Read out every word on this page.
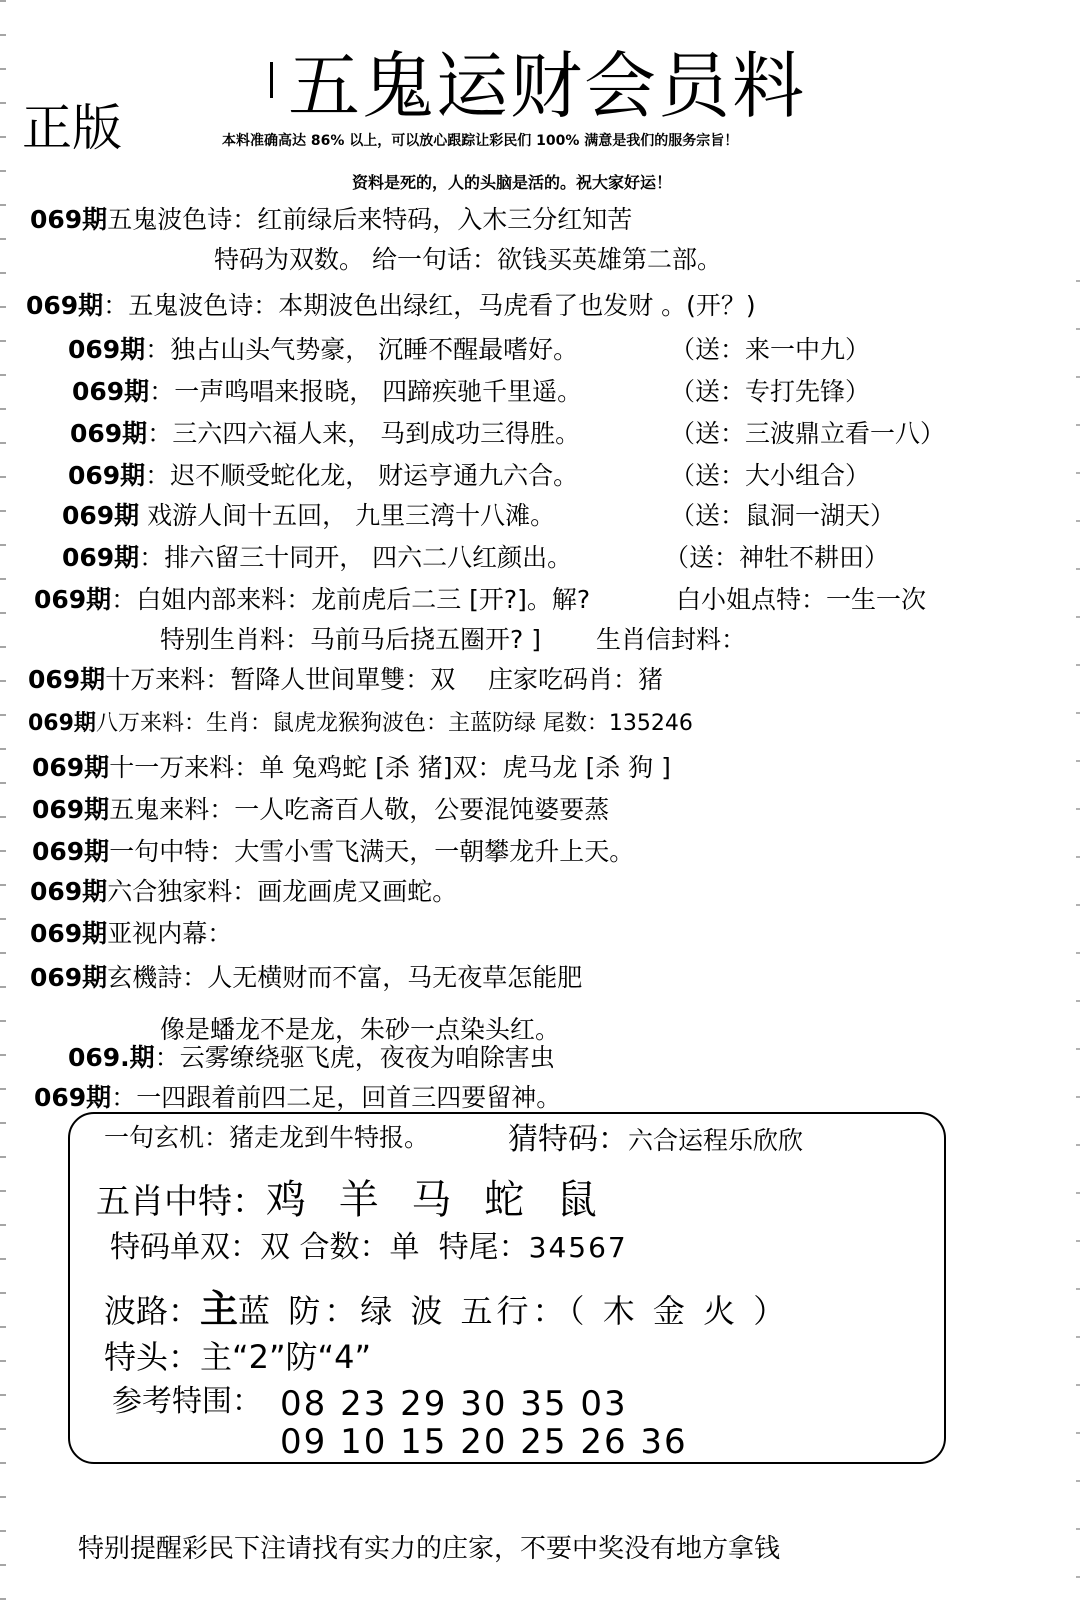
正版 五鬼运财会员料
本料准确高达 86% 以上，可以放心跟踪让彩民们 100% 满意是我们的服务宗旨！
资料是死的，人的头脑是活的。祝大家好运！
069期五鬼波色诗：红前绿后来特码，入木三分红知苦
特码为双数。 给一句话：欲钱买英雄第二部。
069期：五鬼波色诗：本期波色出绿红，马虎看了也发财 。(开？)
069期：独占山头气势豪， 沉睡不醒最嗜好。	（送：来一中九）
069期：一声鸣唱来报晓， 四蹄疾驰千里遥。	（送：专打先锋）
069期：三六四六福人来， 马到成功三得胜。	（送：三波鼎立看一八）
069期：迟不顺受蛇化龙， 财运亨通九六合。	（送：大小组合）
069期 戏游人间十五回， 九里三湾十八滩。	（送：鼠洞一湖天）
069期：排六留三十同开， 四六二八红颜出。	（送：神牡不耕田）
069期：白姐内部来料：龙前虎后二三 [开?]。解?	白小姐点特：一生一次
特别生肖料：马前马后挠五圈开? ] 生肖信封料：
069期十万来料：暂降人世间單雙：双 庄家吃码肖：猪
069期八万来料：生肖：鼠虎龙猴狗波色：主蓝防绿 尾数：135246
069期十一万来料：单 兔鸡蛇 [杀 猪]双：虎马龙 [杀 狗 ]
069期五鬼来料：一人吃斋百人敬，公要混饨婆要蒸
069期一句中特：大雪小雪飞满天，一朝攀龙升上天。
069期六合独家料：画龙画虎又画蛇。
069期亚视内幕：
069期玄機詩：人无横财而不富，马无夜草怎能肥
像是蟠龙不是龙，朱砂一点染头红。
069.期：云雾缭绕驱飞虎，夜夜为咱除害虫
069期：一四跟着前四二足，回首三四要留神。
一句玄机：猪走龙到牛特报。	猜特码：六合运程乐欣欣
五肖中特：鸡 羊 马 蛇 鼠
特码单双：双 合数：单 特尾：34567
波路：主蓝 防：绿 波 五行：（ 木 金 火 ）
特头：主“2”防“4”
参考特围： 08 23 29 30 35 03
09 10 15 20 25 26 36
特别提醒彩民下注请找有实力的庄家，不要中奖没有地方拿钱
